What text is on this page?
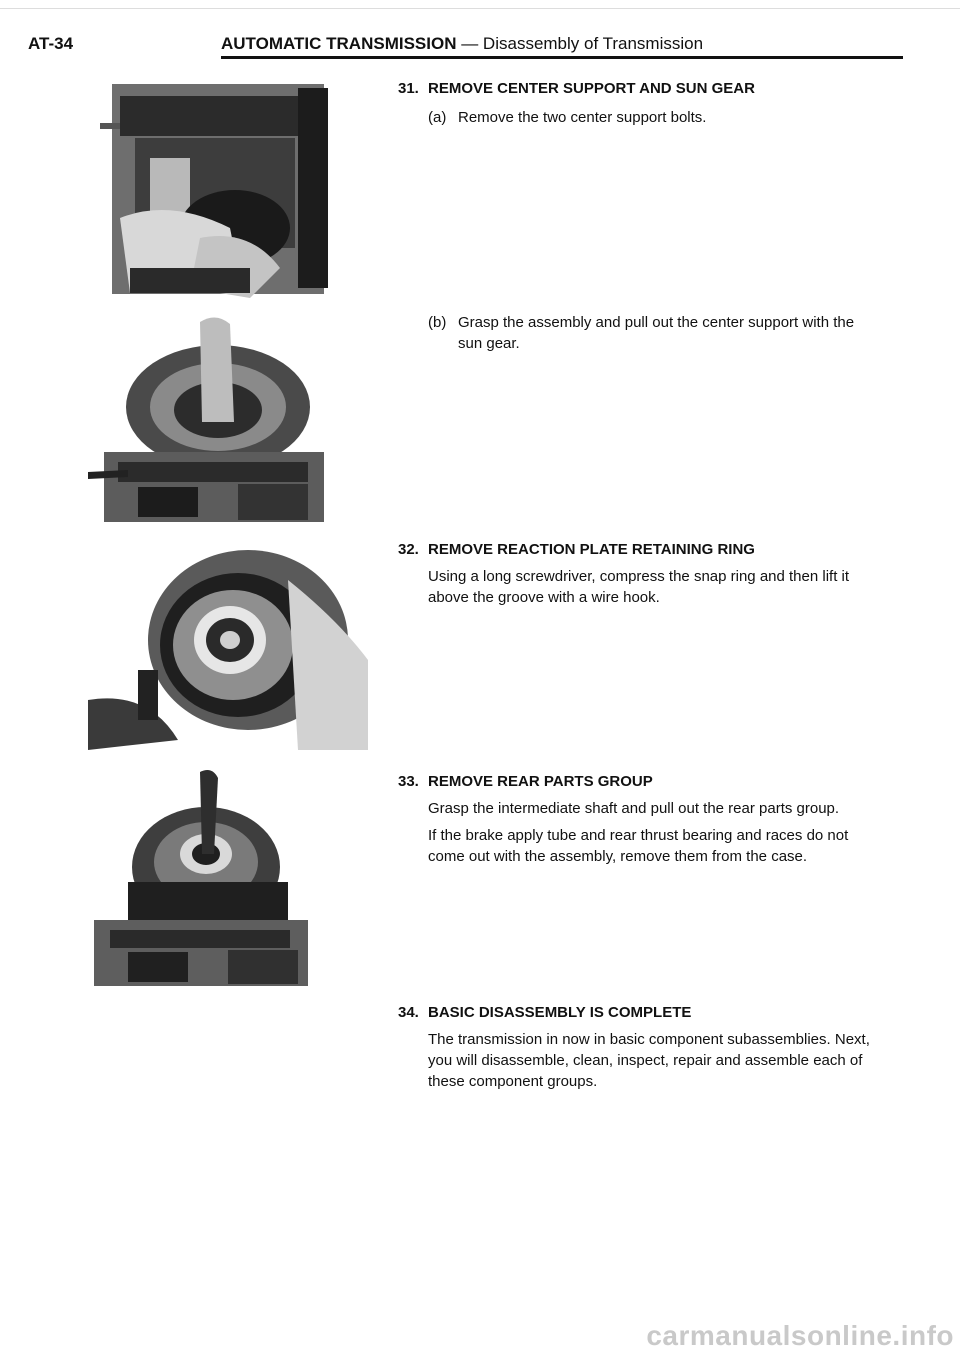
AT-34	AUTOMATIC TRANSMISSION — Disassembly of Transmission
31. REMOVE CENTER SUPPORT AND SUN GEAR
(a) Remove the two center support bolts.
(b) Grasp the assembly and pull out the center support with the sun gear.
32. REMOVE REACTION PLATE RETAINING RING

Using a long screwdriver, compress the snap ring and then lift it above the groove with a wire hook.

33. REMOVE REAR PARTS GROUP

Grasp the intermediate shaft and pull out the rear parts group.

If the brake apply tube and rear thrust bearing and races do not come out with the assembly, remove them from the case.

34. BASIC DISASSEMBLY IS COMPLETE

The transmission in now in basic component subassemblies. Next, you will disassemble, clean, inspect, repair and assemble each of these component groups.

carmanualsonline.info
